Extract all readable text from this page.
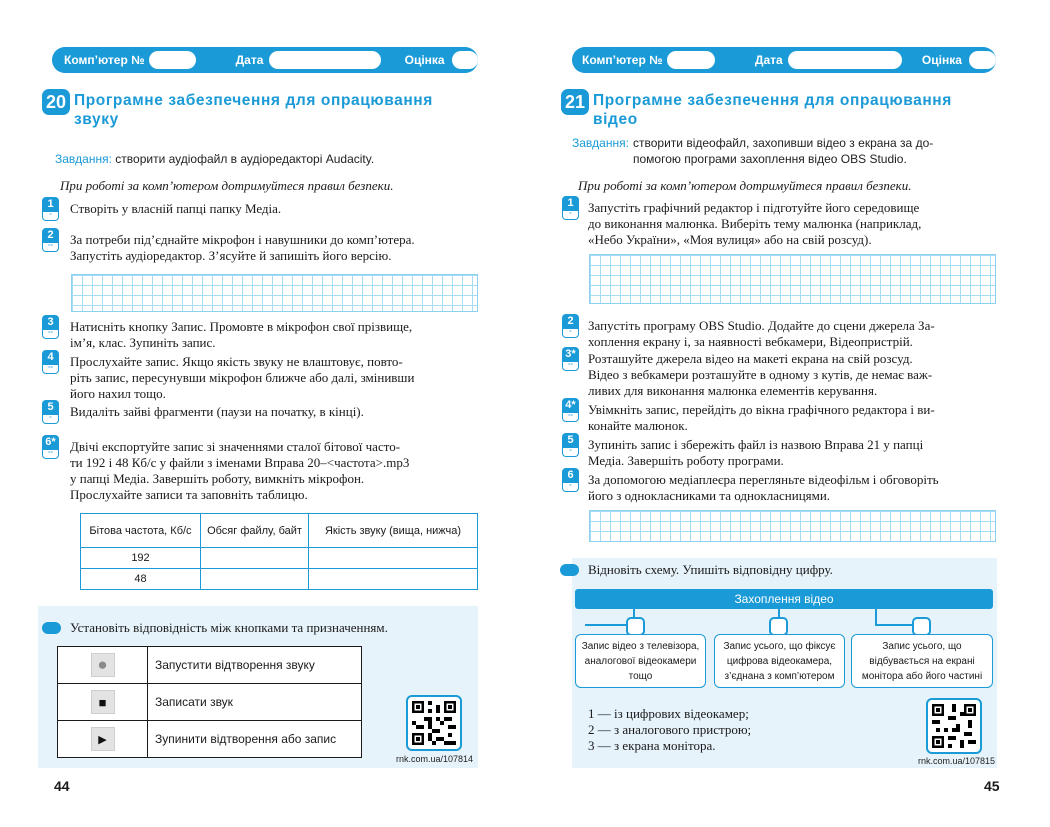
Комп’ютер №	Дата	Оцінка
20 Програмне забезпечення для опрацювання
звуку
Завдання: створити аудіофайл в аудіоредакторі Audacity.
При роботі за комп’ютером дотримуйтеся правил безпеки.
1
°	Створіть у власній папці папку Медіа.
2
°°	За потреби під’єднайте мікрофон і навушники до комп’ютера.
Запустіть аудіоредактор. З’ясуйте й запишіть його версію.
3
°°	Натисніть кнопку Запис. Промовте в мікрофон свої прізвище,
ім’я, клас. Зупиніть запис.
4
°°	Прослухайте запис. Якщо якість звуку не влаштовує, повто-
ріть запис, пересунувши мікрофон ближче або далі, змінивши
його нахил тощо.
5
°	Видаліть зайві фрагменти (паузи на початку, в кінці).
6*
°°	Двічі експортуйте запис зі значеннями сталої бітової часто-
ти 192 і 48 Кб/с у файли з іменами Вправа 20–<частота>.mp3
у папці Медіа. Завершіть роботу, вимкніть мікрофон.
Прослухайте записи та заповніть таблицю.
Бітова частота, Кб/с	Обсяг файлу, байт	Якість звуку (вища, нижча)
192		
48		
Установіть відповідність між кнопками та призначенням.
●	Запустити відтворення звуку
■	Записати звук
▶	Зупинити відтворення або запис
rnk.com.ua/107814
44
Комп’ютер №	Дата	Оцінка
21 Програмне забезпечення для опрацювання
відео
Завдання: створити відеофайл, захопивши відео з екрана за до-
помогою програми захоплення відео OBS Studio.
При роботі за комп’ютером дотримуйтеся правил безпеки.
1
°	Запустіть графічний редактор і підготуйте його середовище
до виконання малюнка. Виберіть тему малюнка (наприклад,
«Небо України», «Моя вулиця» або на свій розсуд).
2
°	Запустіть програму OBS Studio. Додайте до сцени джерела За-
хоплення екрану і, за наявності вебкамери, Відеопристрій.
3*
°°	Розташуйте джерела відео на макеті екрана на свій розсуд.
Відео з вебкамери розташуйте в одному з кутів, де немає важ-
ливих для виконання малюнка елементів керування.
4*
°°	Увімкніть запис, перейдіть до вікна графічного редактора і ви-
конайте малюнок.
5
°	Зупиніть запис і збережіть файл із назвою Вправа 21 у папці
Медіа. Завершіть роботу програми.
6
°	За допомогою медіаплеєра перегляньте відеофільм і обговоріть
його з однокласниками та однокласницями.
Відновіть схему. Упишіть відповідну цифру.
Захоплення відео
Запис відео з телевізора,
аналогової відеокамери
тощо
Запис усього, що фіксує
цифрова відеокамера,
з’єднана з комп’ютером
Запис усього, що
відбувається на екрані
монітора або його частині
1 — із цифрових відеокамер;
2 — з аналогового пристрою;
3 — з екрана монітора.
rnk.com.ua/107815
45
